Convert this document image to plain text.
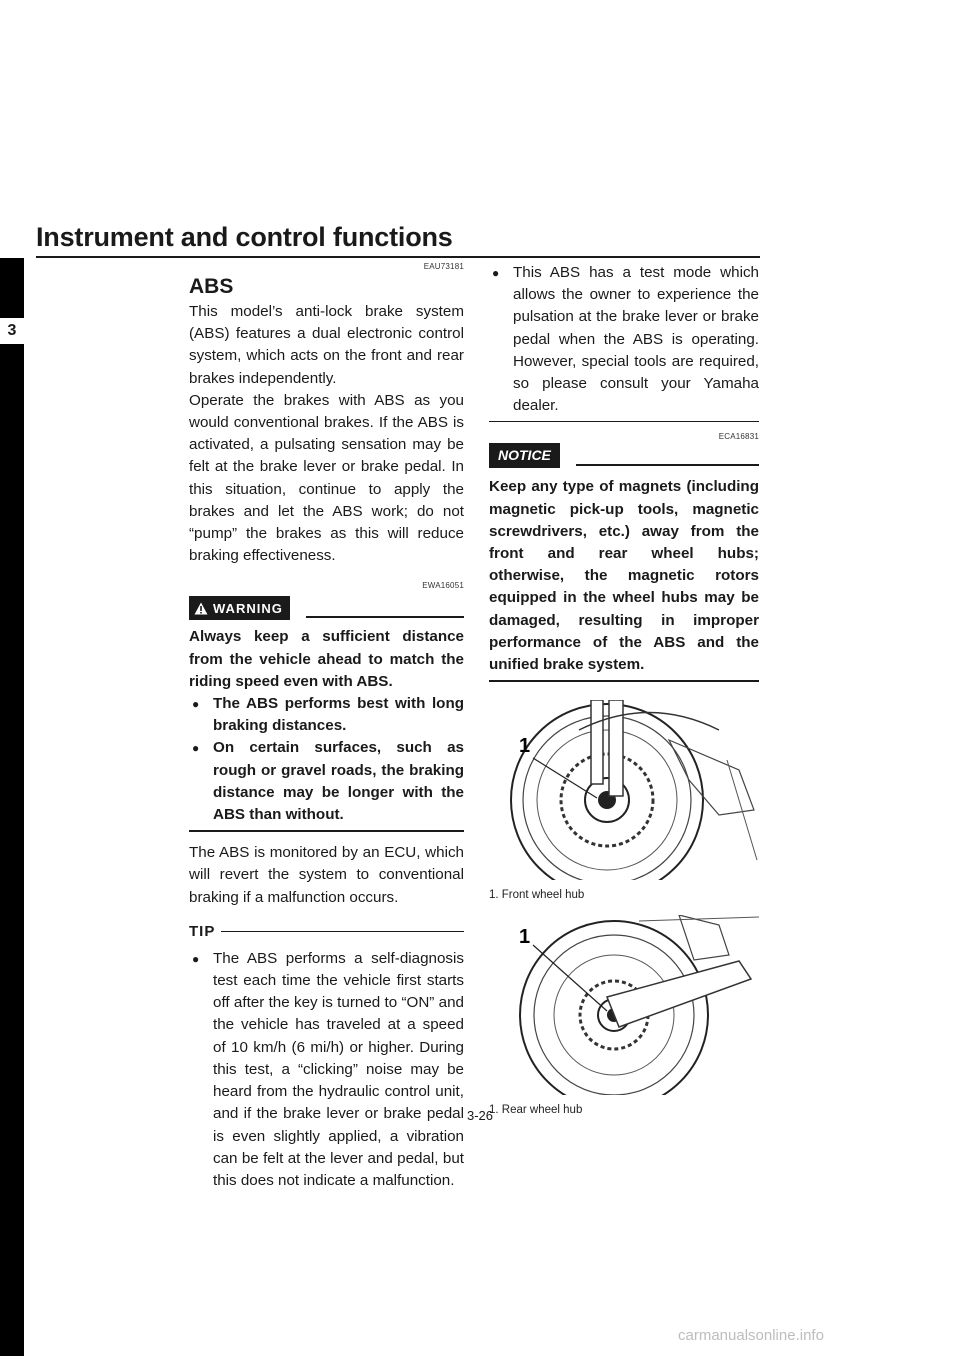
Instrument and control functions
3
EAU73181
ABS

This model’s anti-lock brake system (ABS) features a dual electronic control system, which acts on the front and rear brakes independently.

Operate the brakes with ABS as you would conventional brakes. If the ABS is activated, a pulsating sensation may be felt at the brake lever or brake pedal. In this situation, continue to apply the brakes and let the ABS work; do not “pump” the brakes as this will reduce braking effectiveness.

EWA16051
WARNING

Always keep a sufficient distance from the vehicle ahead to match the riding speed even with ABS.

● The ABS performs best with long braking distances.
● On certain surfaces, such as rough or gravel roads, the braking distance may be longer with the ABS than without.

The ABS is monitored by an ECU, which will revert the system to conventional braking if a malfunction occurs.

TIP
● The ABS performs a self-diagnosis test each time the vehicle first starts off after the key is turned to “ON” and the vehicle has traveled at a speed of 10 km/h (6 mi/h) or higher. During this test, a “clicking” noise may be heard from the hydraulic control unit, and if the brake lever or brake pedal is even slightly applied, a vibration can be felt at the lever and pedal, but this does not indicate a malfunction.
● This ABS has a test mode which allows the owner to experience the pulsation at the brake lever or brake pedal when the ABS is operating. However, special tools are required, so please consult your Yamaha dealer.
ECA16831
NOTICE

Keep any type of magnets (including magnetic pick-up tools, magnetic screwdrivers, etc.) away from the front and rear wheel hubs; otherwise, the magnetic rotors equipped in the wheel hubs may be damaged, resulting in improper performance of the ABS and the unified brake system.

1
1. Front wheel hub
1
1. Rear wheel hub
3-26
carmanualsonline.info
